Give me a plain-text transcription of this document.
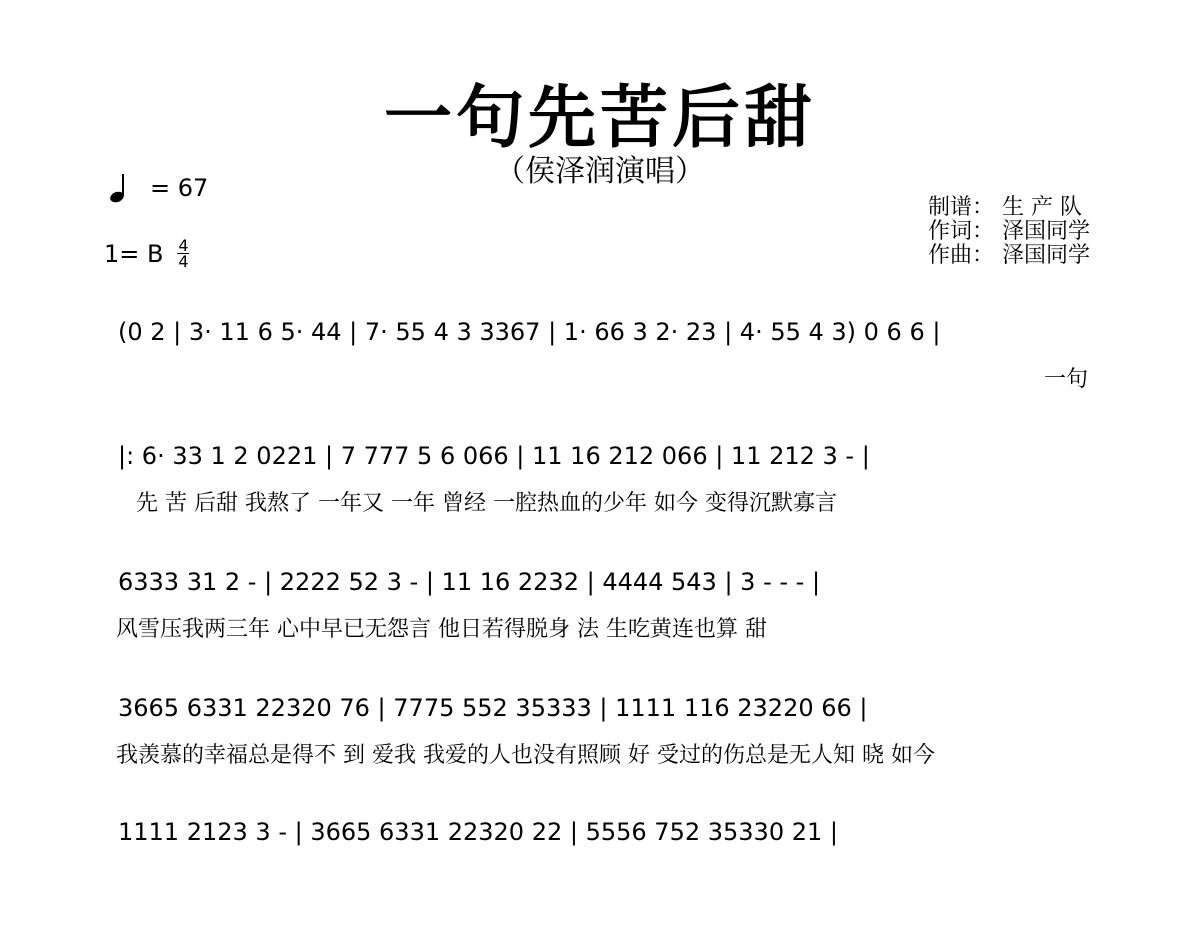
一句先苦后甜
（侯泽润演唱）
= 67
1= B 4
4
制谱： 生 产 队
作词： 泽国同学
作曲： 泽国同学
(0 2 | 3· 11 6 5· 44 | 7· 55 4 3 3367 | 1· 66 3 2· 23 | 4· 55 4 3) 0 6 6 |
一句
|: 6· 33 1 2 0221 | 7 777 5 6 066 | 11 16 212 066 | 11 212 3 - |
先 苦 后甜 我熬了 一年又 一年 曾经 一腔热血的少年 如今 变得沉默寡言
6333 31 2 - | 2222 52 3 - | 11 16 2232 | 4444 543 | 3 - - - |
风雪压我两三年 心中早已无怨言 他日若得脱身 法 生吃黄连也算 甜
3665 6331 22320 76 | 7775 552 35333 | 1111 116 23220 66 |
我羡慕的幸福总是得不 到 爱我 我爱的人也没有照顾 好 受过的伤总是无人知 晓 如今
1111 2123 3 - | 3665 6331 22320 22 | 5556 752 35330 21 |
